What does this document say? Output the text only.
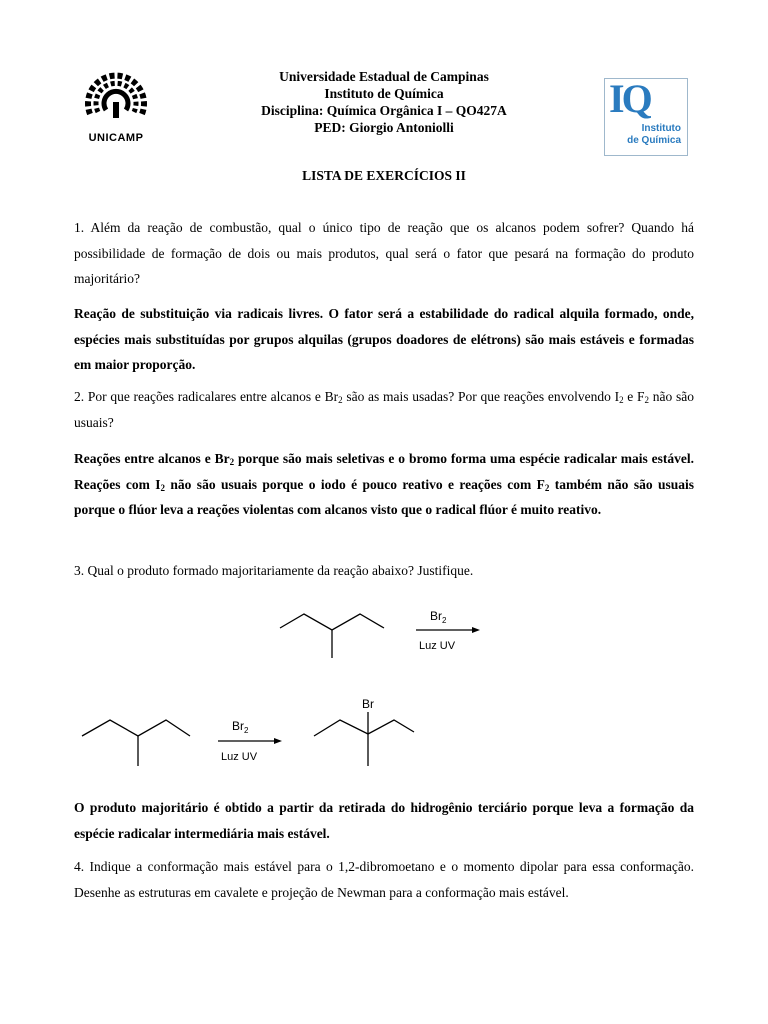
UNICAMP
IQ
Instituto
de Química
Universidade Estadual de Campinas
Instituto de Química
Disciplina: Química Orgânica I – QO427A
PED: Giorgio Antoniolli
LISTA DE EXERCÍCIOS II
1. Além da reação de combustão, qual o único tipo de reação que os alcanos podem sofrer? Quando há possibilidade de formação de dois ou mais produtos, qual será o fator que pesará na formação do produto majoritário?
Reação de substituição via radicais livres. O fator será a estabilidade do radical alquila formado, onde, espécies mais substituídas por grupos alquilas (grupos doadores de elétrons) são mais estáveis e formadas em maior proporção.
2. Por que reações radicalares entre alcanos e $Br_2$ são as mais usadas? Por que reações envolvendo $I_2$ e $F_2$ não são usuais?
Reações entre alcanos e $Br_2$ porque são mais seletivas e o bromo forma uma espécie radicalar mais estável. Reações com $I_2$ não são usuais porque o iodo é pouco reativo e reações com $F_2$ também não são usuais porque o flúor leva a reações violentas com alcanos visto que o radical flúor é muito reativo.
3. Qual o produto formado majoritariamente da reação abaixo? Justifique.
$Br_2$
Luz UV
$Br_2$
Luz UV
Br
O produto majoritário é obtido a partir da retirada do hidrogênio terciário porque leva a formação da espécie radicalar intermediária mais estável.
4. Indique a conformação mais estável para o 1,2-dibromoetano e o momento dipolar para essa conformação. Desenhe as estruturas em cavalete e projeção de Newman para a conformação mais estável.
